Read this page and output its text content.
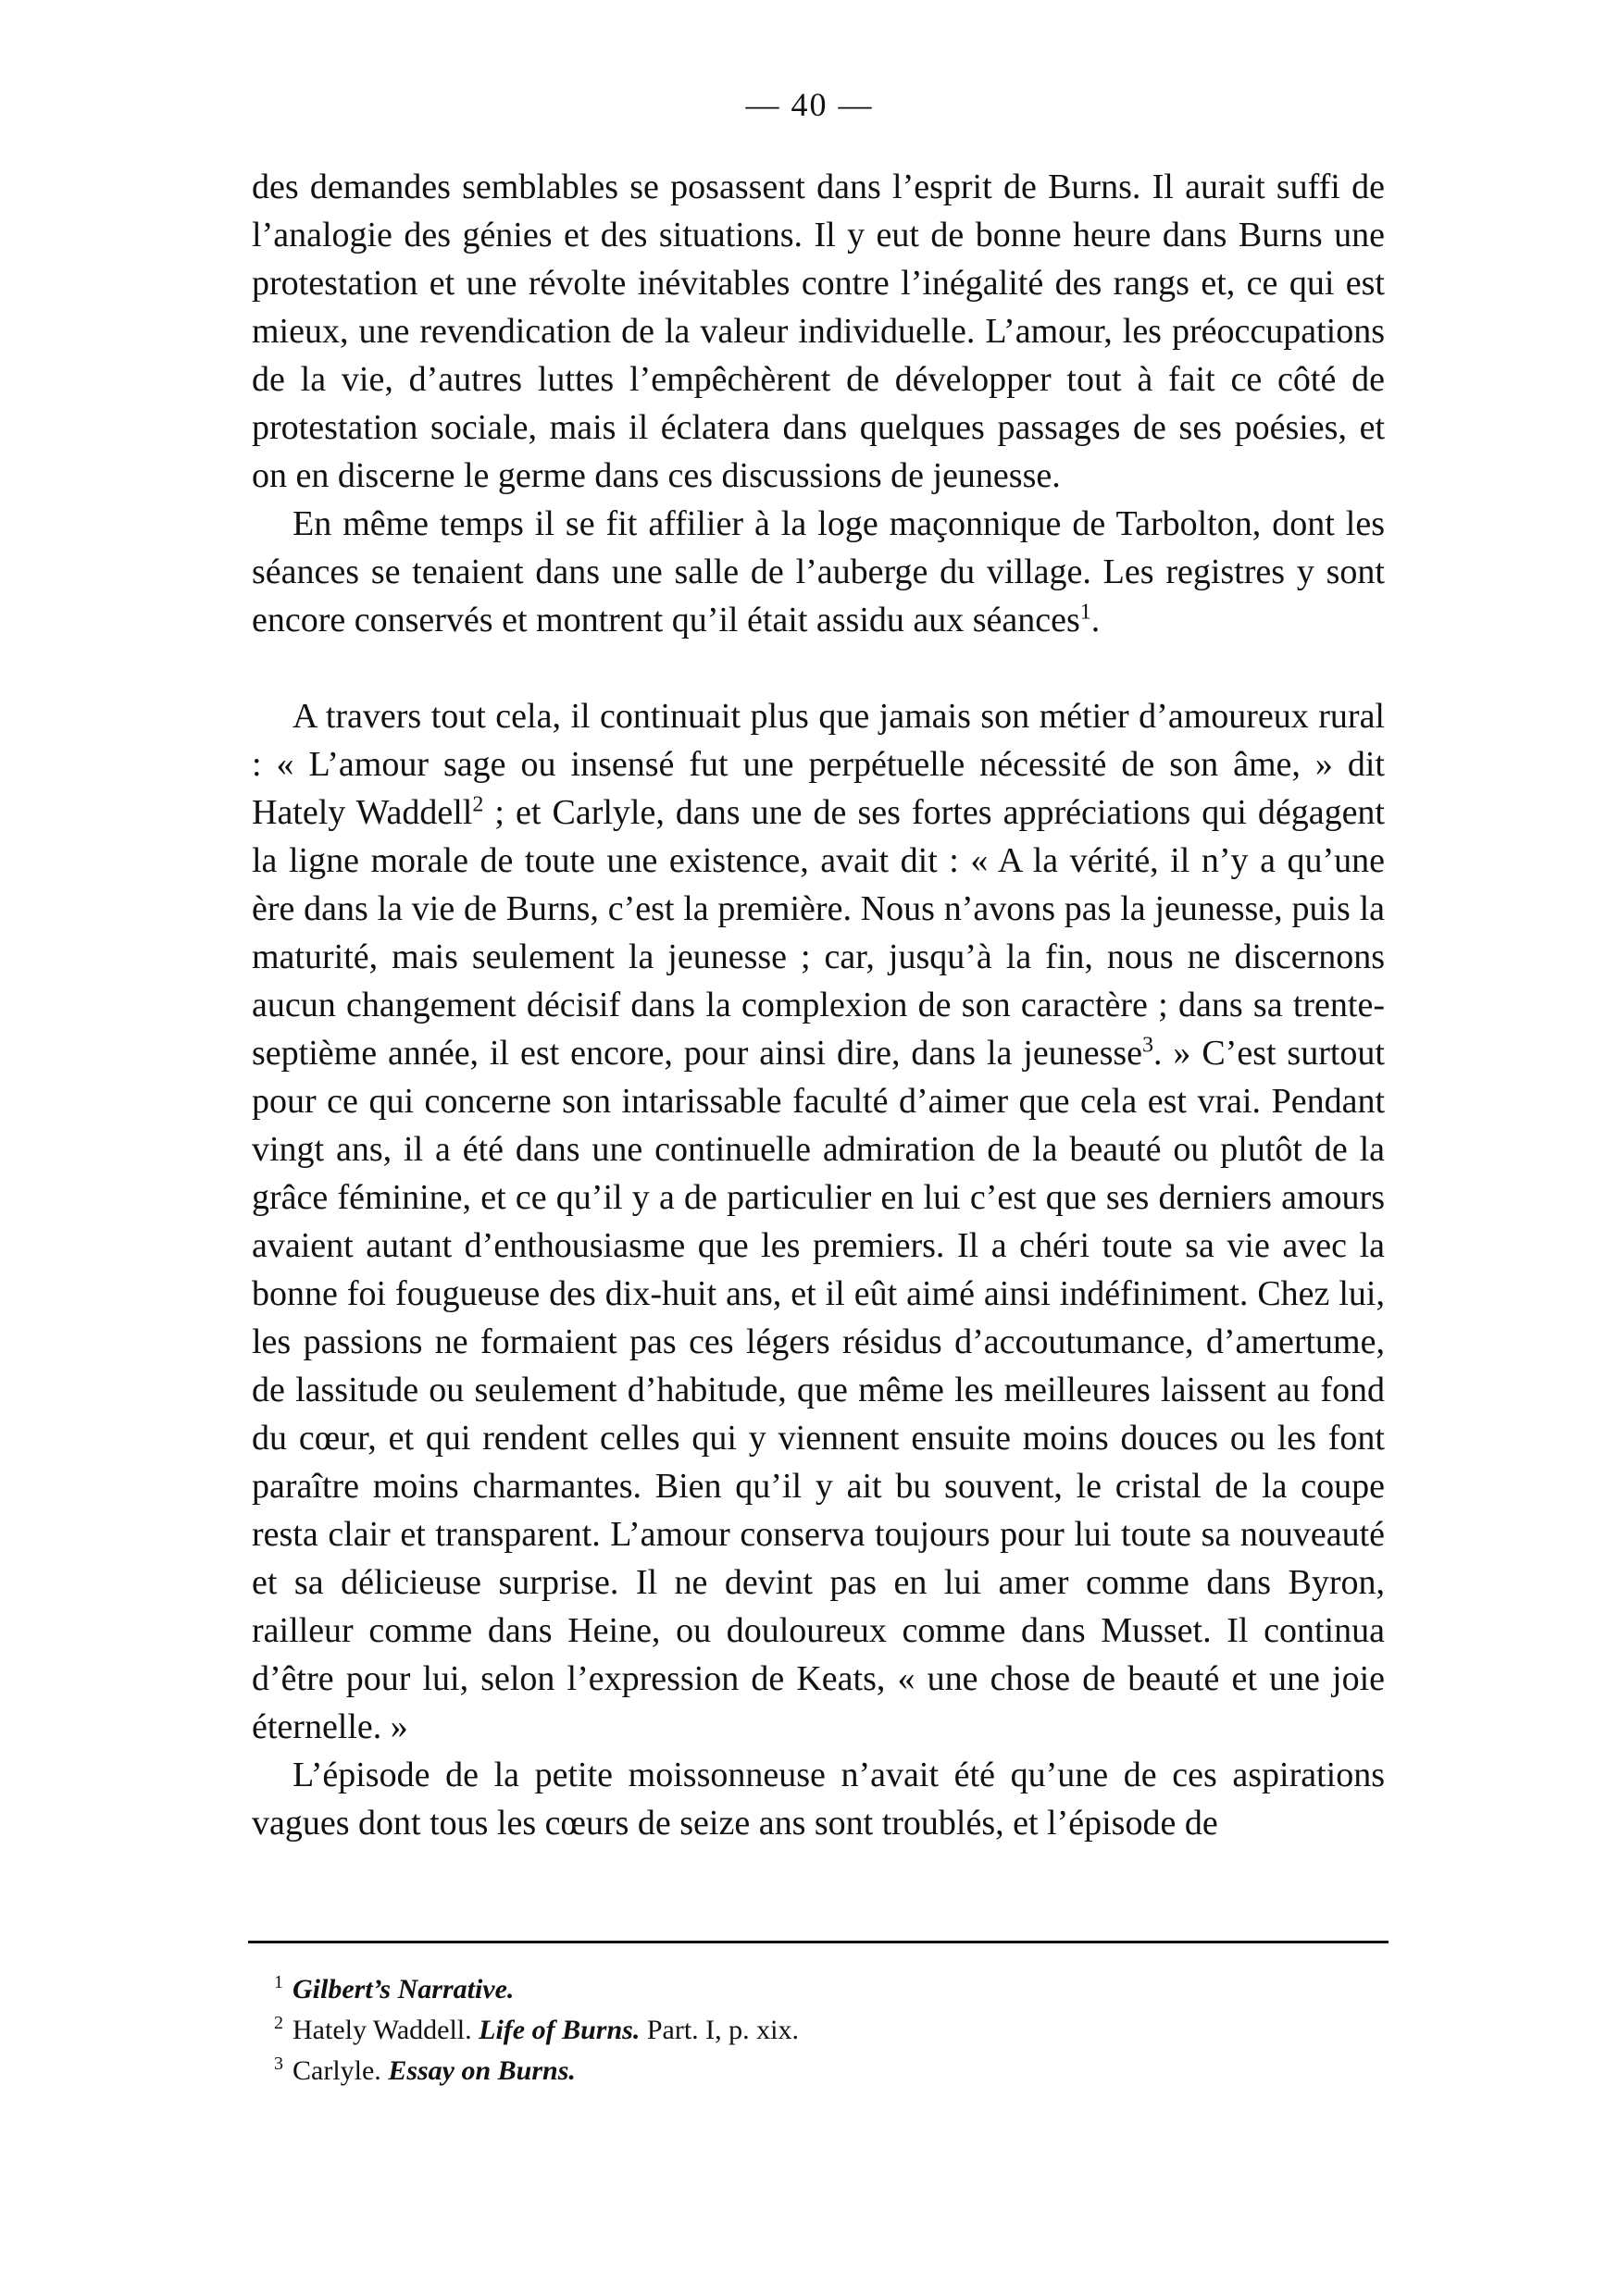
— 40 —

des demandes semblables se posassent dans l’esprit de Burns. Il aurait suffi de l’analogie des génies et des situations. Il y eut de bonne heure dans Burns une protestation et une révolte inévitables contre l’inégalité des rangs et, ce qui est mieux, une revendication de la valeur individuelle. L’amour, les préoccupations de la vie, d’autres luttes l’empêchèrent de développer tout à fait ce côté de protestation sociale, mais il éclatera dans quelques passages de ses poésies, et on en discerne le germe dans ces discussions de jeunesse.

En même temps il se fit affilier à la loge maçonnique de Tarbolton, dont les séances se tenaient dans une salle de l’auberge du village. Les registres y sont encore conservés et montrent qu’il était assidu aux séances$^1$.

A travers tout cela, il continuait plus que jamais son métier d’amoureux rural : « L’amour sage ou insensé fut une perpétuelle nécessité de son âme, » dit Hately Waddell$^2$ ; et Carlyle, dans une de ses fortes appréciations qui dégagent la ligne morale de toute une existence, avait dit : « A la vérité, il n’y a qu’une ère dans la vie de Burns, c’est la première. Nous n’avons pas la jeunesse, puis la maturité, mais seulement la jeunesse ; car, jusqu’à la fin, nous ne discernons aucun changement décisif dans la complexion de son caractère ; dans sa trente-septième année, il est encore, pour ainsi dire, dans la jeunesse$^3$. » C’est surtout pour ce qui concerne son intarissable faculté d’aimer que cela est vrai. Pendant vingt ans, il a été dans une continuelle admiration de la beauté ou plutôt de la grâce féminine, et ce qu’il y a de particulier en lui c’est que ses derniers amours avaient autant d’enthousiasme que les premiers. Il a chéri toute sa vie avec la bonne foi fougueuse des dix-huit ans, et il eût aimé ainsi indéfiniment. Chez lui, les passions ne formaient pas ces légers résidus d’accoutumance, d’amertume, de lassitude ou seulement d’habitude, que même les meilleures laissent au fond du cœur, et qui rendent celles qui y viennent ensuite moins douces ou les font paraître moins charmantes. Bien qu’il y ait bu souvent, le cristal de la coupe resta clair et transparent. L’amour conserva toujours pour lui toute sa nouveauté et sa délicieuse surprise. Il ne devint pas en lui amer comme dans Byron, railleur comme dans Heine, ou douloureux comme dans Musset. Il continua d’être pour lui, selon l’expression de Keats, « une chose de beauté et une joie éternelle. »

L’épisode de la petite moissonneuse n’avait été qu’une de ces aspirations vagues dont tous les cœurs de seize ans sont troublés, et l’épisode de

$^1$ Gilbert’s Narrative.
$^2$ Hately Waddell. Life of Burns. Part. I, p. xix.
$^3$ Carlyle. Essay on Burns.
